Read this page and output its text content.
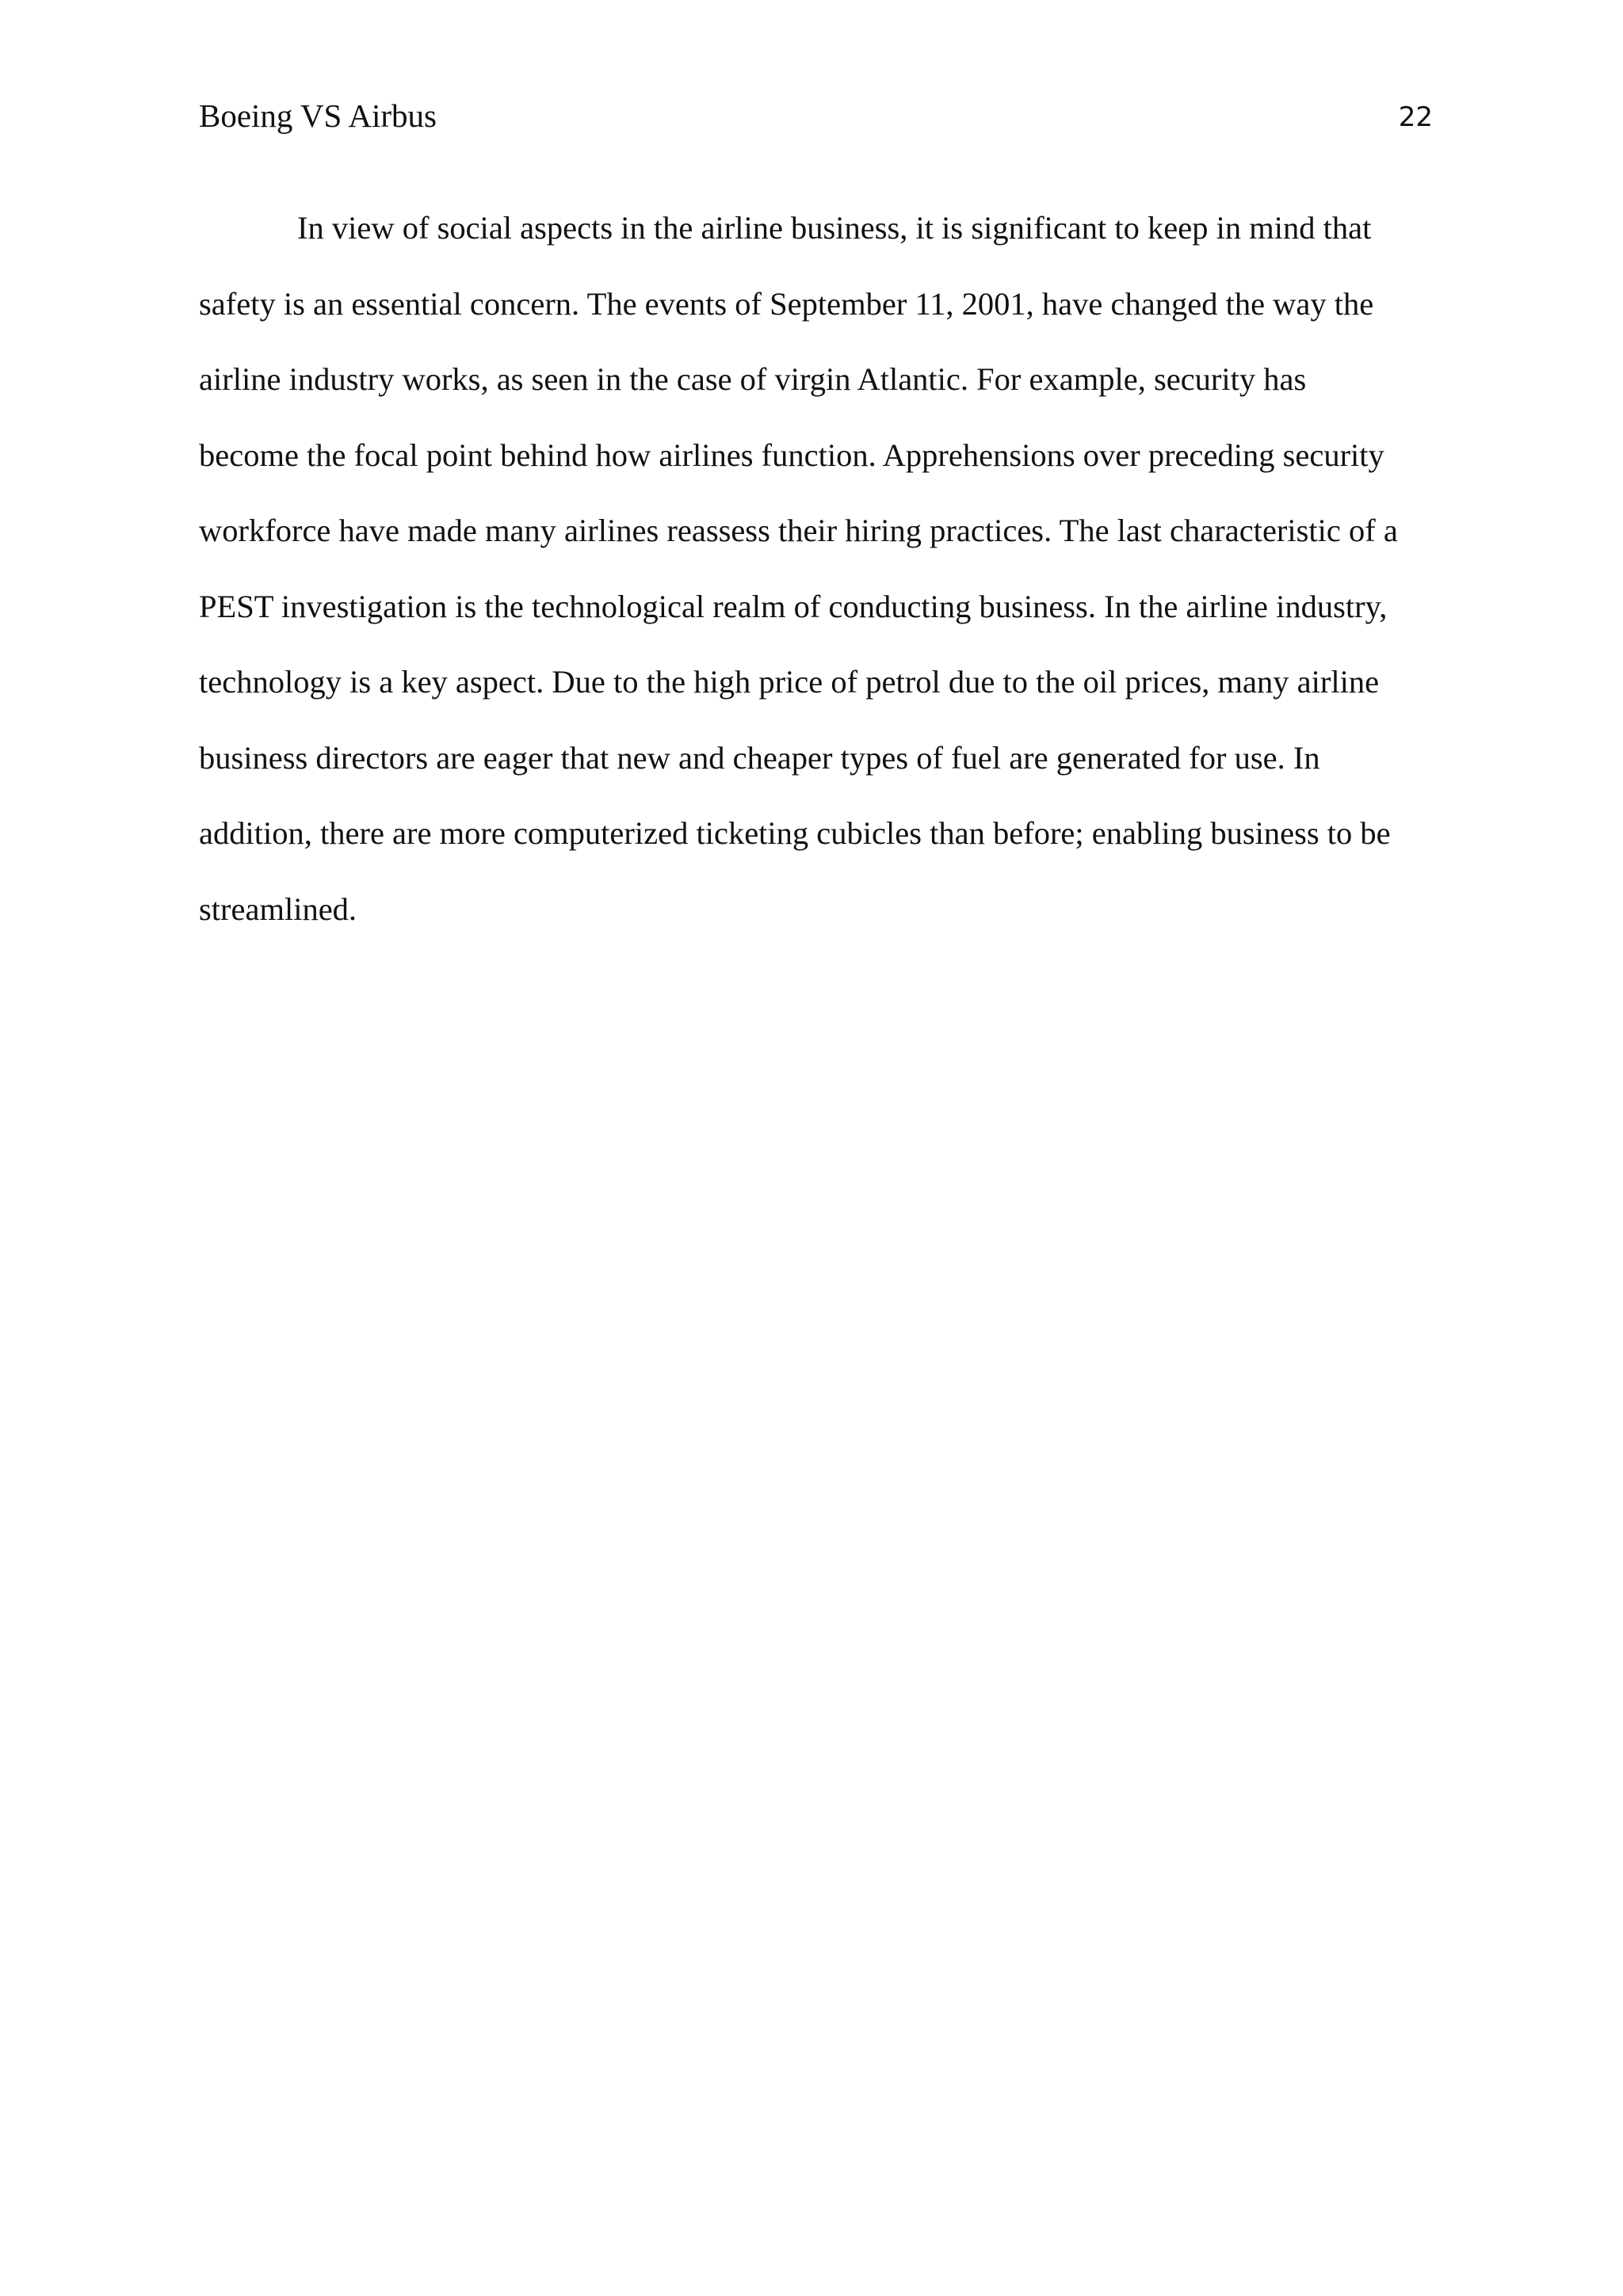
Boeing VS Airbus	22
In view of social aspects in the airline business, it is significant to keep in mind that
safety is an essential concern. The events of September 11, 2001, have changed the way the
airline industry works, as seen in the case of virgin Atlantic. For example, security has
become the focal point behind how airlines function. Apprehensions over preceding security
workforce have made many airlines reassess their hiring practices. The last characteristic of a
PEST investigation is the technological realm of conducting business. In the airline industry,
technology is a key aspect. Due to the high price of petrol due to the oil prices, many airline
business directors are eager that new and cheaper types of fuel are generated for use. In
addition, there are more computerized ticketing cubicles than before; enabling business to be
streamlined.
